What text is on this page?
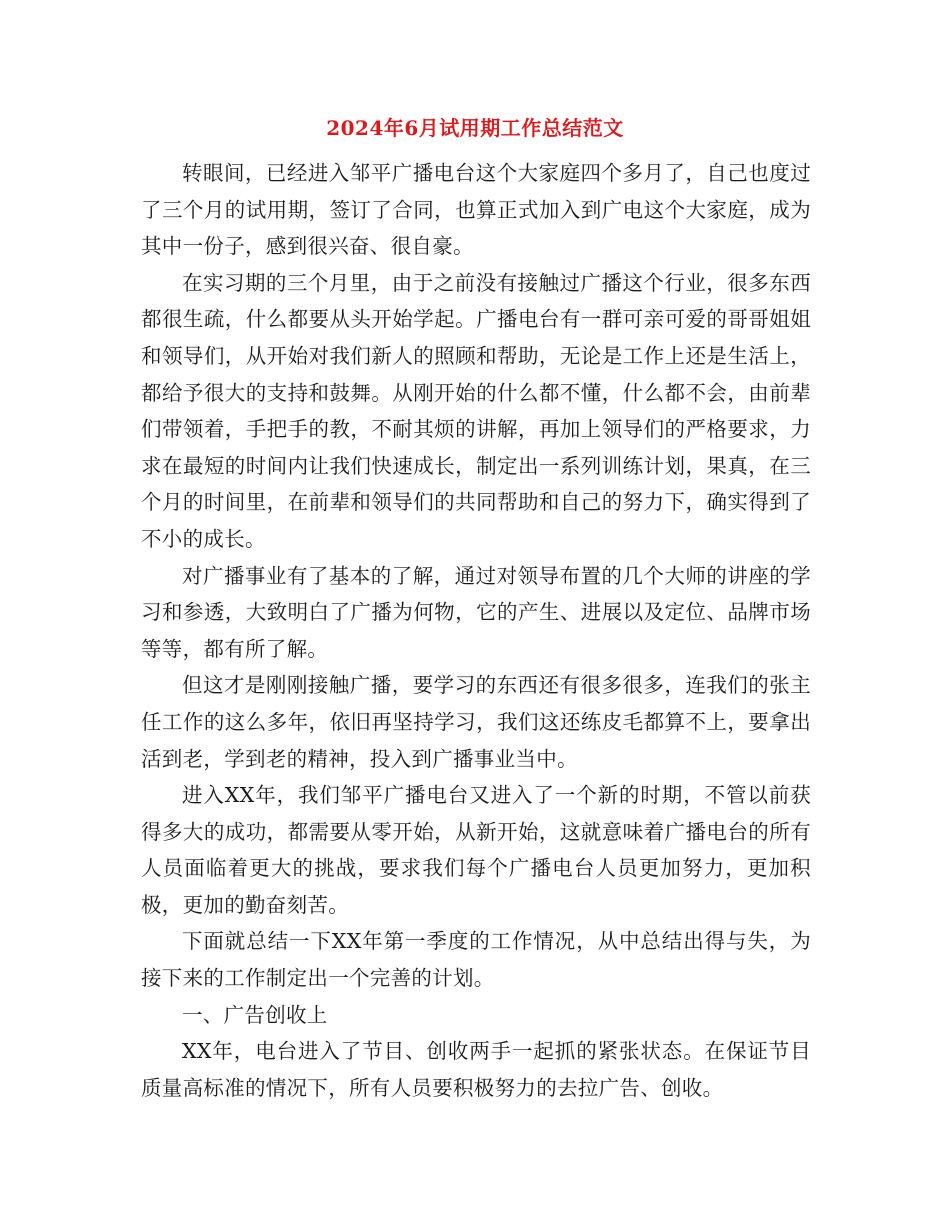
2024年6月试用期工作总结范文

转眼间，已经进入邹平广播电台这个大家庭四个多月了，自己也度过了三个月的试用期，签订了合同，也算正式加入到广电这个大家庭，成为其中一份子，感到很兴奋、很自豪。

在实习期的三个月里，由于之前没有接触过广播这个行业，很多东西都很生疏，什么都要从头开始学起。广播电台有一群可亲可爱的哥哥姐姐和领导们，从开始对我们新人的照顾和帮助，无论是工作上还是生活上，都给予很大的支持和鼓舞。从刚开始的什么都不懂，什么都不会，由前辈们带领着，手把手的教，不耐其烦的讲解，再加上领导们的严格要求，力求在最短的时间内让我们快速成长，制定出一系列训练计划，果真，在三个月的时间里，在前辈和领导们的共同帮助和自己的努力下，确实得到了不小的成长。

对广播事业有了基本的了解，通过对领导布置的几个大师的讲座的学习和参透，大致明白了广播为何物，它的产生、进展以及定位、品牌市场等等，都有所了解。

但这才是刚刚接触广播，要学习的东西还有很多很多，连我们的张主任工作的这么多年，依旧再坚持学习，我们这还练皮毛都算不上，要拿出活到老，学到老的精神，投入到广播事业当中。

进入XX年，我们邹平广播电台又进入了一个新的时期，不管以前获得多大的成功，都需要从零开始，从新开始，这就意味着广播电台的所有人员面临着更大的挑战，要求我们每个广播电台人员更加努力，更加积极，更加的勤奋刻苦。

下面就总结一下XX年第一季度的工作情况，从中总结出得与失，为接下来的工作制定出一个完善的计划。

一、广告创收上

XX年，电台进入了节目、创收两手一起抓的紧张状态。在保证节目质量高标准的情况下，所有人员要积极努力的去拉广告、创收。
